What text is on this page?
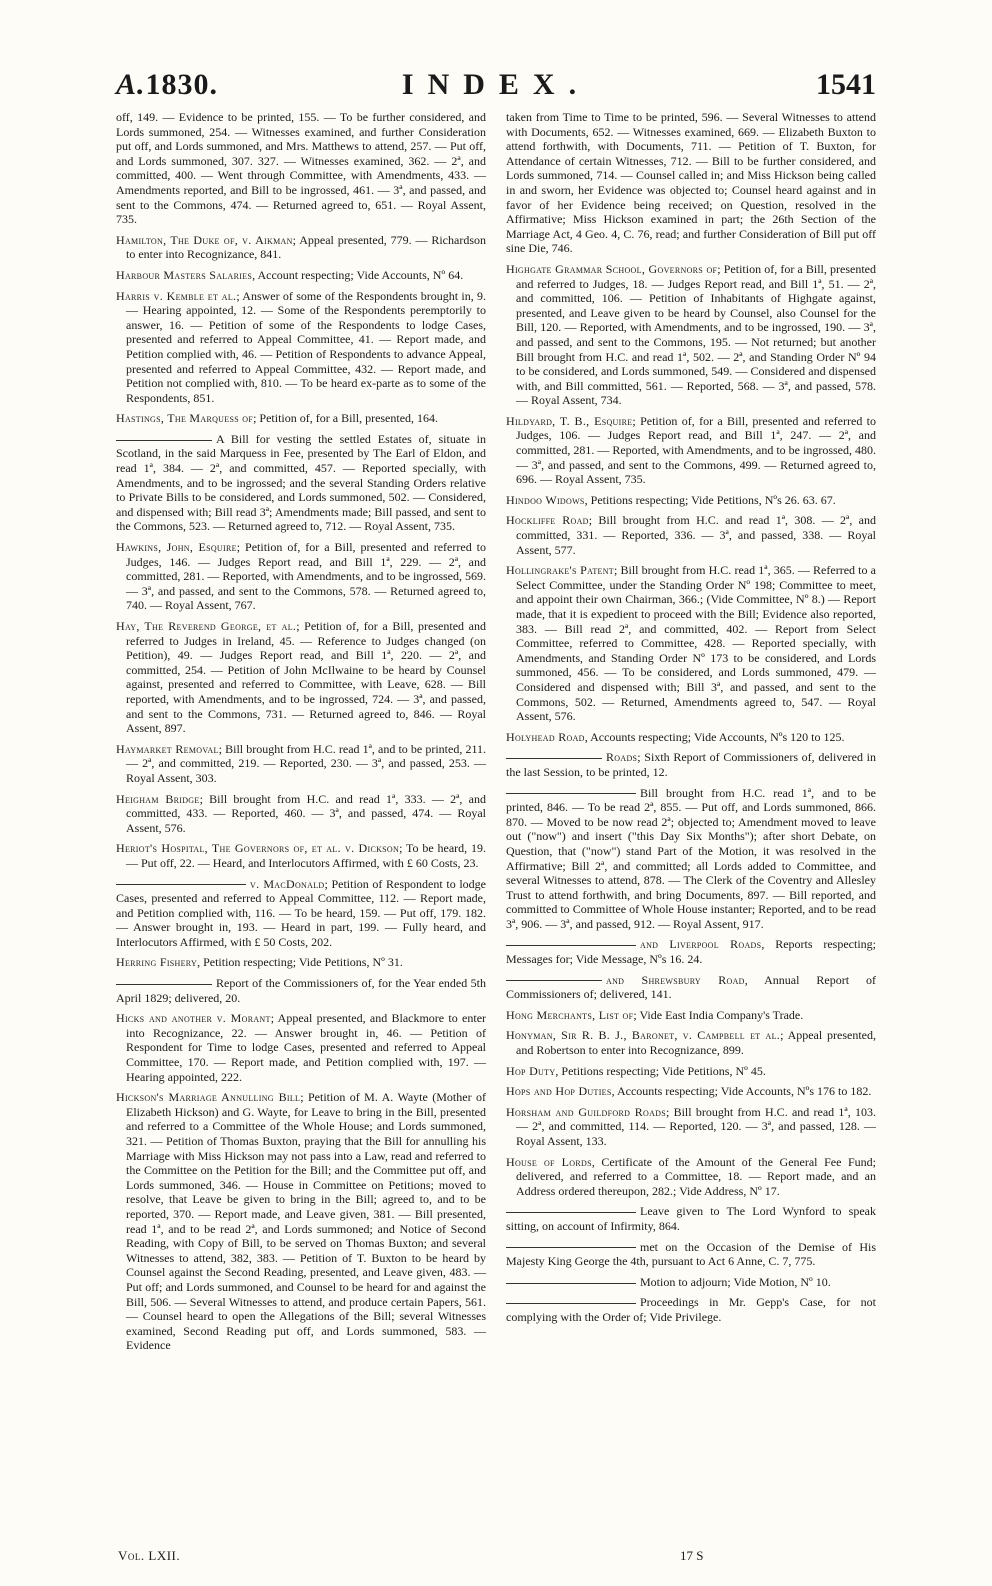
A.1830.	INDEX.	1541

off, 149. — Evidence to be printed, 155. — To be further considered, and Lords summoned, 254. — Witnesses examined, and further Consideration put off, and Lords summoned, and Mrs. Matthews to attend, 257. — Put off, and Lords summoned, 307. 327. — Witnesses examined, 362. — 2ª, and committed, 400. — Went through Committee, with Amendments, 433. — Amendments reported, and Bill to be ingrossed, 461. — 3ª, and passed, and sent to the Commons, 474. — Returned agreed to, 651. — Royal Assent, 735.

Hamilton, The Duke of, v. Aikman; Appeal presented, 779. — Richardson to enter into Recognizance, 841.

Harbour Masters Salaries, Account respecting; Vide Accounts, Nº 64.

Harris v. Kemble et al.; Answer of some of the Respondents brought in, 9. — Hearing appointed, 12. — Some of the Respondents peremptorily to answer, 16. — Petition of some of the Respondents to lodge Cases, presented and referred to Appeal Committee, 41. — Report made, and Petition complied with, 46. — Petition of Respondents to advance Appeal, presented and referred to Appeal Committee, 432. — Report made, and Petition not complied with, 810. — To be heard ex-parte as to some of the Respondents, 851.

Hastings, The Marquess of; Petition of, for a Bill, presented, 164.

A Bill for vesting the settled Estates of, situate in Scotland, in the said Marquess in Fee, presented by The Earl of Eldon, and read 1ª, 384. — 2ª, and committed, 457. — Reported specially, with Amendments, and to be ingrossed; and the several Standing Orders relative to Private Bills to be considered, and Lords summoned, 502. — Considered, and dispensed with; Bill read 3ª; Amendments made; Bill passed, and sent to the Commons, 523. — Returned agreed to, 712. — Royal Assent, 735.

Hawkins, John, Esquire; Petition of, for a Bill, presented and referred to Judges, 146. — Judges Report read, and Bill 1ª, 229. — 2ª, and committed, 281. — Reported, with Amendments, and to be ingrossed, 569. — 3ª, and passed, and sent to the Commons, 578. — Returned agreed to, 740. — Royal Assent, 767.

Hay, The Reverend George, et al.; Petition of, for a Bill, presented and referred to Judges in Ireland, 45. — Reference to Judges changed (on Petition), 49. — Judges Report read, and Bill 1ª, 220. — 2ª, and committed, 254. — Petition of John McIlwaine to be heard by Counsel against, presented and referred to Committee, with Leave, 628. — Bill reported, with Amendments, and to be ingrossed, 724. — 3ª, and passed, and sent to the Commons, 731. — Returned agreed to, 846. — Royal Assent, 897.

Haymarket Removal; Bill brought from H.C. read 1ª, and to be printed, 211. — 2ª, and committed, 219. — Reported, 230. — 3ª, and passed, 253. — Royal Assent, 303.

Heigham Bridge; Bill brought from H.C. and read 1ª, 333. — 2ª, and committed, 433. — Reported, 460. — 3ª, and passed, 474. — Royal Assent, 576.

Heriot's Hospital, The Governors of, et al. v. Dickson; To be heard, 19. — Put off, 22. — Heard, and Interlocutors Affirmed, with £ 60 Costs, 23.

v. MacDonald; Petition of Respondent to lodge Cases, presented and referred to Appeal Committee, 112. — Report made, and Petition complied with, 116. — To be heard, 159. — Put off, 179. 182. — Answer brought in, 193. — Heard in part, 199. — Fully heard, and Interlocutors Affirmed, with £ 50 Costs, 202.

Herring Fishery, Petition respecting; Vide Petitions, Nº 31.

Report of the Commissioners of, for the Year ended 5th April 1829; delivered, 20.

Hicks and another v. Morant; Appeal presented, and Blackmore to enter into Recognizance, 22. — Answer brought in, 46. — Petition of Respondent for Time to lodge Cases, presented and referred to Appeal Committee, 170. — Report made, and Petition complied with, 197. — Hearing appointed, 222.

Hickson's Marriage Annulling Bill; Petition of M. A. Wayte (Mother of Elizabeth Hickson) and G. Wayte, for Leave to bring in the Bill, presented and referred to a Committee of the Whole House; and Lords summoned, 321. — Petition of Thomas Buxton, praying that the Bill for annulling his Marriage with Miss Hickson may not pass into a Law, read and referred to the Committee on the Petition for the Bill; and the Committee put off, and Lords summoned, 346. — House in Committee on Petitions; moved to resolve, that Leave be given to bring in the Bill; agreed to, and to be reported, 370. — Report made, and Leave given, 381. — Bill presented, read 1ª, and to be read 2ª, and Lords summoned; and Notice of Second Reading, with Copy of Bill, to be served on Thomas Buxton; and several Witnesses to attend, 382, 383. — Petition of T. Buxton to be heard by Counsel against the Second Reading, presented, and Leave given, 483. — Put off; and Lords summoned, and Counsel to be heard for and against the Bill, 506. — Several Witnesses to attend, and produce certain Papers, 561. — Counsel heard to open the Allegations of the Bill; several Witnesses examined, Second Reading put off, and Lords summoned, 583. — Evidence

taken from Time to Time to be printed, 596. — Several Witnesses to attend with Documents, 652. — Witnesses examined, 669. — Elizabeth Buxton to attend forthwith, with Documents, 711. — Petition of T. Buxton, for Attendance of certain Witnesses, 712. — Bill to be further considered, and Lords summoned, 714. — Counsel called in; and Miss Hickson being called in and sworn, her Evidence was objected to; Counsel heard against and in favor of her Evidence being received; on Question, resolved in the Affirmative; Miss Hickson examined in part; the 26th Section of the Marriage Act, 4 Geo. 4, C. 76, read; and further Consideration of Bill put off sine Die, 746.

Highgate Grammar School, Governors of; Petition of, for a Bill, presented and referred to Judges, 18. — Judges Report read, and Bill 1ª, 51. — 2ª, and committed, 106. — Petition of Inhabitants of Highgate against, presented, and Leave given to be heard by Counsel, also Counsel for the Bill, 120. — Reported, with Amendments, and to be ingrossed, 190. — 3ª, and passed, and sent to the Commons, 195. — Not returned; but another Bill brought from H.C. and read 1ª, 502. — 2ª, and Standing Order Nº 94 to be considered, and Lords summoned, 549. — Considered and dispensed with, and Bill committed, 561. — Reported, 568. — 3ª, and passed, 578. — Royal Assent, 734.

Hildyard, T. B., Esquire; Petition of, for a Bill, presented and referred to Judges, 106. — Judges Report read, and Bill 1ª, 247. — 2ª, and committed, 281. — Reported, with Amendments, and to be ingrossed, 480. — 3ª, and passed, and sent to the Commons, 499. — Returned agreed to, 696. — Royal Assent, 735.

Hindoo Widows, Petitions respecting; Vide Petitions, Nºs 26. 63. 67.

Hockliffe Road; Bill brought from H.C. and read 1ª, 308. — 2ª, and committed, 331. — Reported, 336. — 3ª, and passed, 338. — Royal Assent, 577.

Hollingrake's Patent; Bill brought from H.C. read 1ª, 365. — Referred to a Select Committee, under the Standing Order Nº 198; Committee to meet, and appoint their own Chairman, 366.; (Vide Committee, Nº 8.) — Report made, that it is expedient to proceed with the Bill; Evidence also reported, 383. — Bill read 2ª, and committed, 402. — Report from Select Committee, referred to Committee, 428. — Reported specially, with Amendments, and Standing Order Nº 173 to be considered, and Lords summoned, 456. — To be considered, and Lords summoned, 479. — Considered and dispensed with; Bill 3ª, and passed, and sent to the Commons, 502. — Returned, Amendments agreed to, 547. — Royal Assent, 576.

Holyhead Road, Accounts respecting; Vide Accounts, Nºs 120 to 125.

Roads; Sixth Report of Commissioners of, delivered in the last Session, to be printed, 12.

Bill brought from H.C. read 1ª, and to be printed, 846. — To be read 2ª, 855. — Put off, and Lords summoned, 866. 870. — Moved to be now read 2ª; objected to; Amendment moved to leave out ("now") and insert ("this Day Six Months"); after short Debate, on Question, that ("now") stand Part of the Motion, it was resolved in the Affirmative; Bill 2ª, and committed; all Lords added to Committee, and several Witnesses to attend, 878. — The Clerk of the Coventry and Allesley Trust to attend forthwith, and bring Documents, 897. — Bill reported, and committed to Committee of Whole House instanter; Reported, and to be read 3ª, 906. — 3ª, and passed, 912. — Royal Assent, 917.

and Liverpool Roads, Reports respecting; Messages for; Vide Message, Nºs 16. 24.

and Shrewsbury Road, Annual Report of Commissioners of; delivered, 141.

Hong Merchants, List of; Vide East India Company's Trade.

Honyman, Sir R. B. J., Baronet, v. Campbell et al.; Appeal presented, and Robertson to enter into Recognizance, 899.

Hop Duty, Petitions respecting; Vide Petitions, Nº 45.

Hops and Hop Duties, Accounts respecting; Vide Accounts, Nºs 176 to 182.

Horsham and Guildford Roads; Bill brought from H.C. and read 1ª, 103. — 2ª, and committed, 114. — Reported, 120. — 3ª, and passed, 128. — Royal Assent, 133.

House of Lords, Certificate of the Amount of the General Fee Fund; delivered, and referred to a Committee, 18. — Report made, and an Address ordered thereupon, 282.; Vide Address, Nº 17.

Leave given to The Lord Wynford to speak sitting, on account of Infirmity, 864.

met on the Occasion of the Demise of His Majesty King George the 4th, pursuant to Act 6 Anne, C. 7, 775.

Motion to adjourn; Vide Motion, Nº 10.

Proceedings in Mr. Gepp's Case, for not complying with the Order of; Vide Privilege.

Vol. LXII.	17 S
